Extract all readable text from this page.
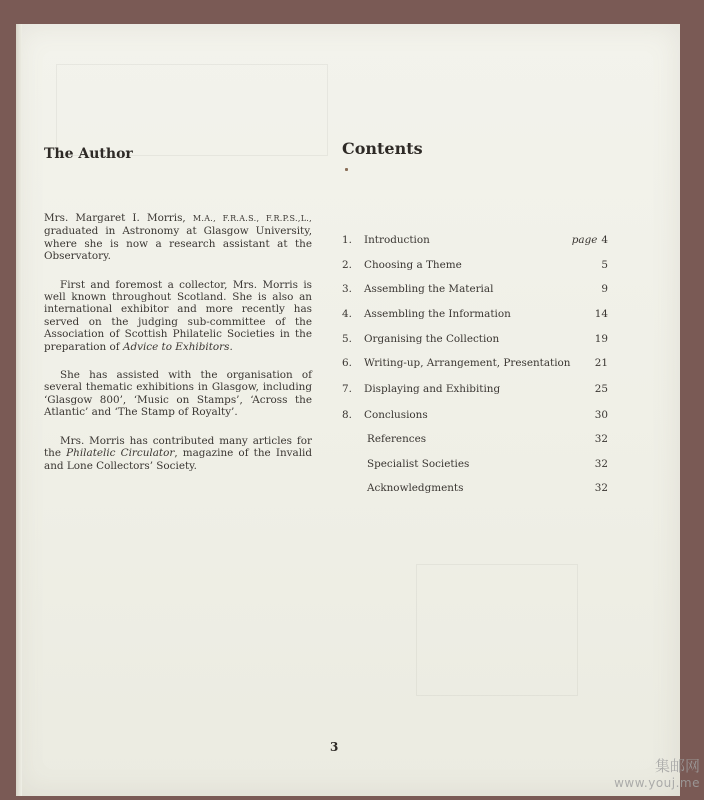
The Author

Mrs. Margaret I. Morris, M.A., F.R.A.S., F.R.P.S.,L., graduated in Astronomy at Glasgow University, where she is now a research assistant at the Observatory.

First and foremost a collector, Mrs. Morris is well known throughout Scotland. She is also an international exhibitor and more recently has served on the judging sub-committee of the Association of Scottish Philatelic Societies in the preparation of Advice to Exhibitors.

She has assisted with the organisation of several thematic exhibitions in Glasgow, including ‘Glasgow 800’, ‘Music on Stamps’, ‘Across the Atlantic’ and ‘The Stamp of Royalty’.

Mrs. Morris has contributed many articles for the Philatelic Circulator, magazine of the Invalid and Lone Collectors’ Society.

Contents
1.	Introduction	page 4
2.	Choosing a Theme	5
3.	Assembling the Material	9
4.	Assembling the Information	14
5.	Organising the Collection	19
6.	Writing-up, Arrangement, Presentation	21
7.	Displaying and Exhibiting	25
8.	Conclusions	30
References	32
Specialist Societies	32
Acknowledgments	32
3
集邮网
www.youj.me
